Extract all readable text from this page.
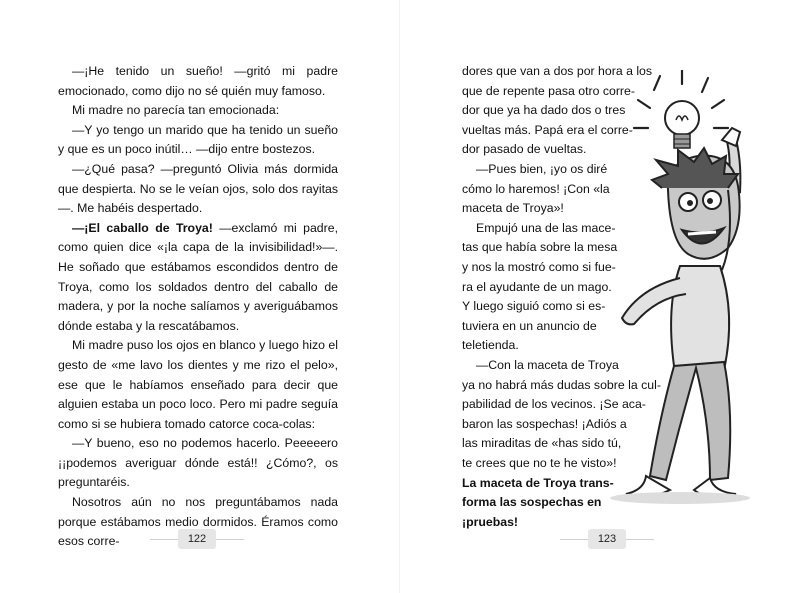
—¡He tenido un sueño! —gritó mi padre emocionado, como dijo no sé quién muy famoso.

Mi madre no parecía tan emocionada:

—Y yo tengo un marido que ha tenido un sueño y que es un poco inútil… —dijo entre bostezos.

—¿Qué pasa? —preguntó Olivia más dormida que despierta. No se le veían ojos, solo dos rayitas—. Me habéis despertado.

—¡El caballo de Troya! —exclamó mi padre, como quien dice «¡la capa de la invisibilidad!»—. He soñado que estábamos escondidos dentro de Troya, como los soldados dentro del caballo de madera, y por la noche salíamos y averiguábamos dónde estaba y la rescatábamos.

Mi madre puso los ojos en blanco y luego hizo el gesto de «me lavo los dientes y me rizo el pelo», ese que le habíamos enseñado para decir que alguien estaba un poco loco. Pero mi padre seguía como si se hubiera tomado catorce coca-colas:

—Y bueno, eso no podemos hacerlo. Peeeeero ¡¡podemos averiguar dónde está!! ¿Cómo?, os preguntaréis.

Nosotros aún no nos preguntábamos nada porque estábamos medio dormidos. Éramos como esos corre-	122
dores que van a dos por hora a los
que de repente pasa otro corre-
dor que ya ha dado dos o tres
vueltas más. Papá era el corre-
dor pasado de vueltas.
—Pues bien, ¡yo os diré
cómo lo haremos! ¡Con «la
maceta de Troya»!
Empujó una de las mace-
tas que había sobre la mesa
y nos la mostró como si fue-
ra el ayudante de un mago.
Y luego siguió como si es-
tuviera en un anuncio de
teletienda.
—Con la maceta de Troya
ya no habrá más dudas sobre la cul-
pabilidad de los vecinos. ¡Se aca-
baron las sospechas! ¡Adiós a
las miraditas de «has sido tú,
te crees que no te he visto»!
La maceta de Troya trans-
forma las sospechas en
¡pruebas!
123
